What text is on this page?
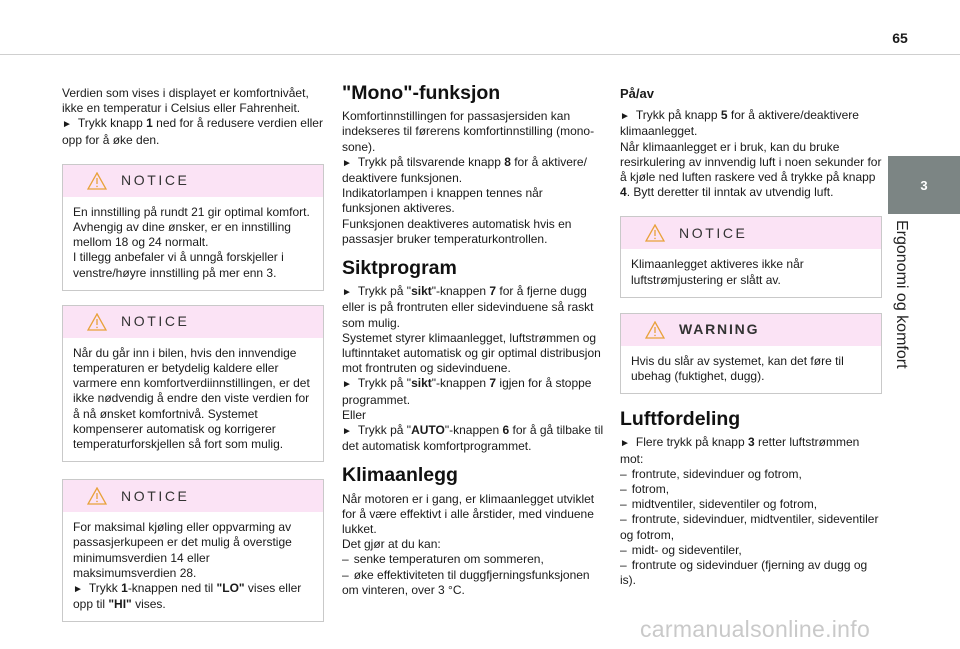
65
3
Ergonomi og komfort

Verdien som vises i displayet er komfortnivået, ikke en temperatur i Celsius eller Fahrenheit.

► Trykk knapp 1 ned for å redusere verdien eller opp for å øke den.

NOTICE

En innstilling på rundt 21 gir optimal komfort. Avhengig av dine ønsker, er en innstilling mellom 18 og 24 normalt.

I tillegg anbefaler vi å unngå forskjeller i venstre/høyre innstilling på mer enn 3.

NOTICE

Når du går inn i bilen, hvis den innvendige temperaturen er betydelig kaldere eller varmere enn komfortverdiinnstillingen, er det ikke nødvendig å endre den viste verdien for å nå ønsket komfortnivå. Systemet kompenserer automatisk og korrigerer temperaturforskjellen så fort som mulig.

NOTICE

For maksimal kjøling eller oppvarming av passasjerkupeen er det mulig å overstige minimumsverdien 14 eller maksimumsverdien 28.

► Trykk 1-knappen ned til "LO" vises eller opp til "HI" vises.

"Mono"-funksjon

Komfortinnstillingen for passasjersiden kan indekseres til førerens komfortinnstilling (mono-sone).

► Trykk på tilsvarende knapp 8 for å aktivere/ deaktivere funksjonen.

Indikatorlampen i knappen tennes når funksjonen aktiveres.

Funksjonen deaktiveres automatisk hvis en passasjer bruker temperaturkontrollen.

Siktprogram

► Trykk på "sikt"-knappen 7 for å fjerne dugg eller is på frontruten eller sidevinduene så raskt som mulig.

Systemet styrer klimaanlegget, luftstrømmen og luftinntaket automatisk og gir optimal distribusjon mot frontruten og sidevinduene.

► Trykk på "sikt"-knappen 7 igjen for å stoppe programmet.

Eller

► Trykk på "AUTO"-knappen 6 for å gå tilbake til det automatisk komfortprogrammet.

Klimaanlegg

Når motoren er i gang, er klimaanlegget utviklet for å være effektivt i alle årstider, med vinduene lukket.

Det gjør at du kan:

– senke temperaturen om sommeren,

– øke effektiviteten til duggfjerningsfunksjonen om vinteren, over 3 °C.

På/av

► Trykk på knapp 5 for å aktivere/deaktivere klimaanlegget.

Når klimaanlegget er i bruk, kan du bruke resirkulering av innvendig luft i noen sekunder for å kjøle ned luften raskere ved å trykke på knapp 4. Bytt deretter til inntak av utvendig luft.

NOTICE

Klimaanlegget aktiveres ikke når luftstrømjustering er slått av.

WARNING

Hvis du slår av systemet, kan det føre til ubehag (fuktighet, dugg).

Luftfordeling

► Flere trykk på knapp 3 retter luftstrømmen mot:

– frontrute, sidevinduer og fotrom,

– fotrom,

– midtventiler, sideventiler og fotrom,

– frontrute, sidevinduer, midtventiler, sideventiler og fotrom,

– midt- og sideventiler,

– frontrute og sidevinduer (fjerning av dugg og is).

carmanualsonline.info
